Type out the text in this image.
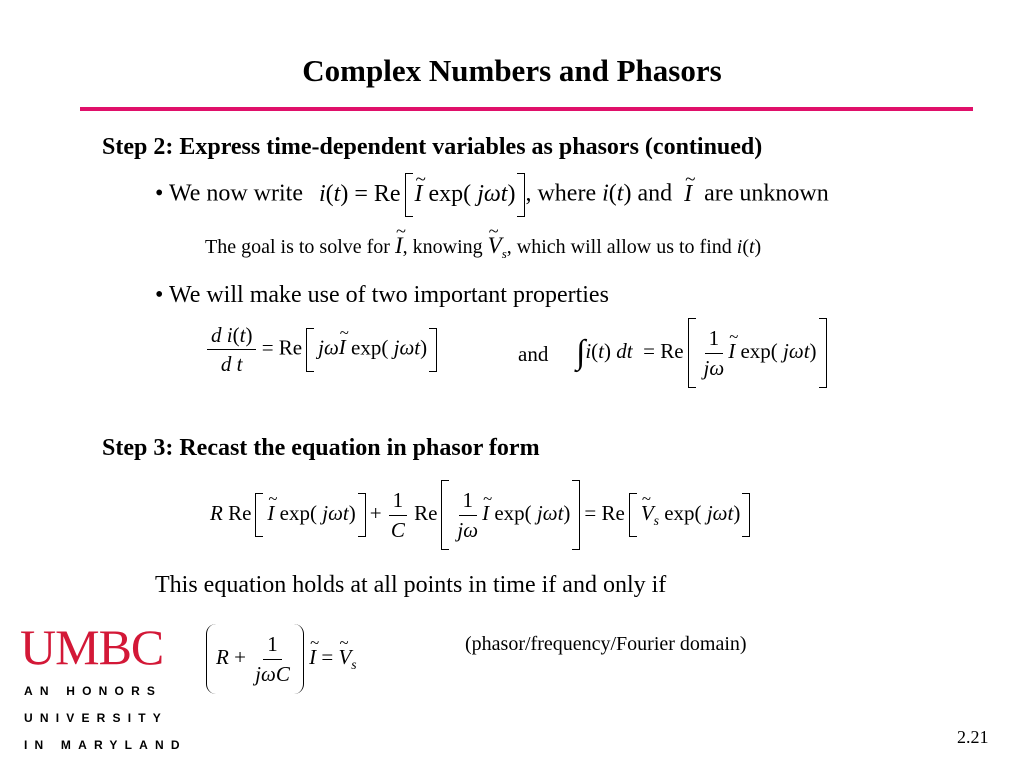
Complex Numbers and Phasors
Step 2: Express time-dependent variables as phasors (continued)
• We now write i(t) = Re ~ I exp( jωt) , where i(t) and ~ I are unknown
The goal is to solve for ~ I, knowing ~ $V_s$, which will allow us to find i(t)
• We will make use of two important properties
$\frac{\text{d i(t)}}{\text{d t}} = Re$ jω~ I exp( jωt)	and ∫i(t) dt  = Re $\frac{1}{j\omega}$ ~ I exp( jωt)
Step 3: Recast the equation in phasor form
R Re ~ I exp( $j\omega t) + \frac{1}{C}$ Re $\frac{1}{j\omega}$ ~ I exp( jωt) = Re ~ $V_s$ exp( jωt)
This equation holds at all points in time if and only if
$R + \frac{1}{\text{jωC}}$ ~ I = ~ $V_s$
(phasor/frequency/Fourier domain)
UMBC
AN HONORS
UNIVERSITY
IN MARYLAND	2.21
